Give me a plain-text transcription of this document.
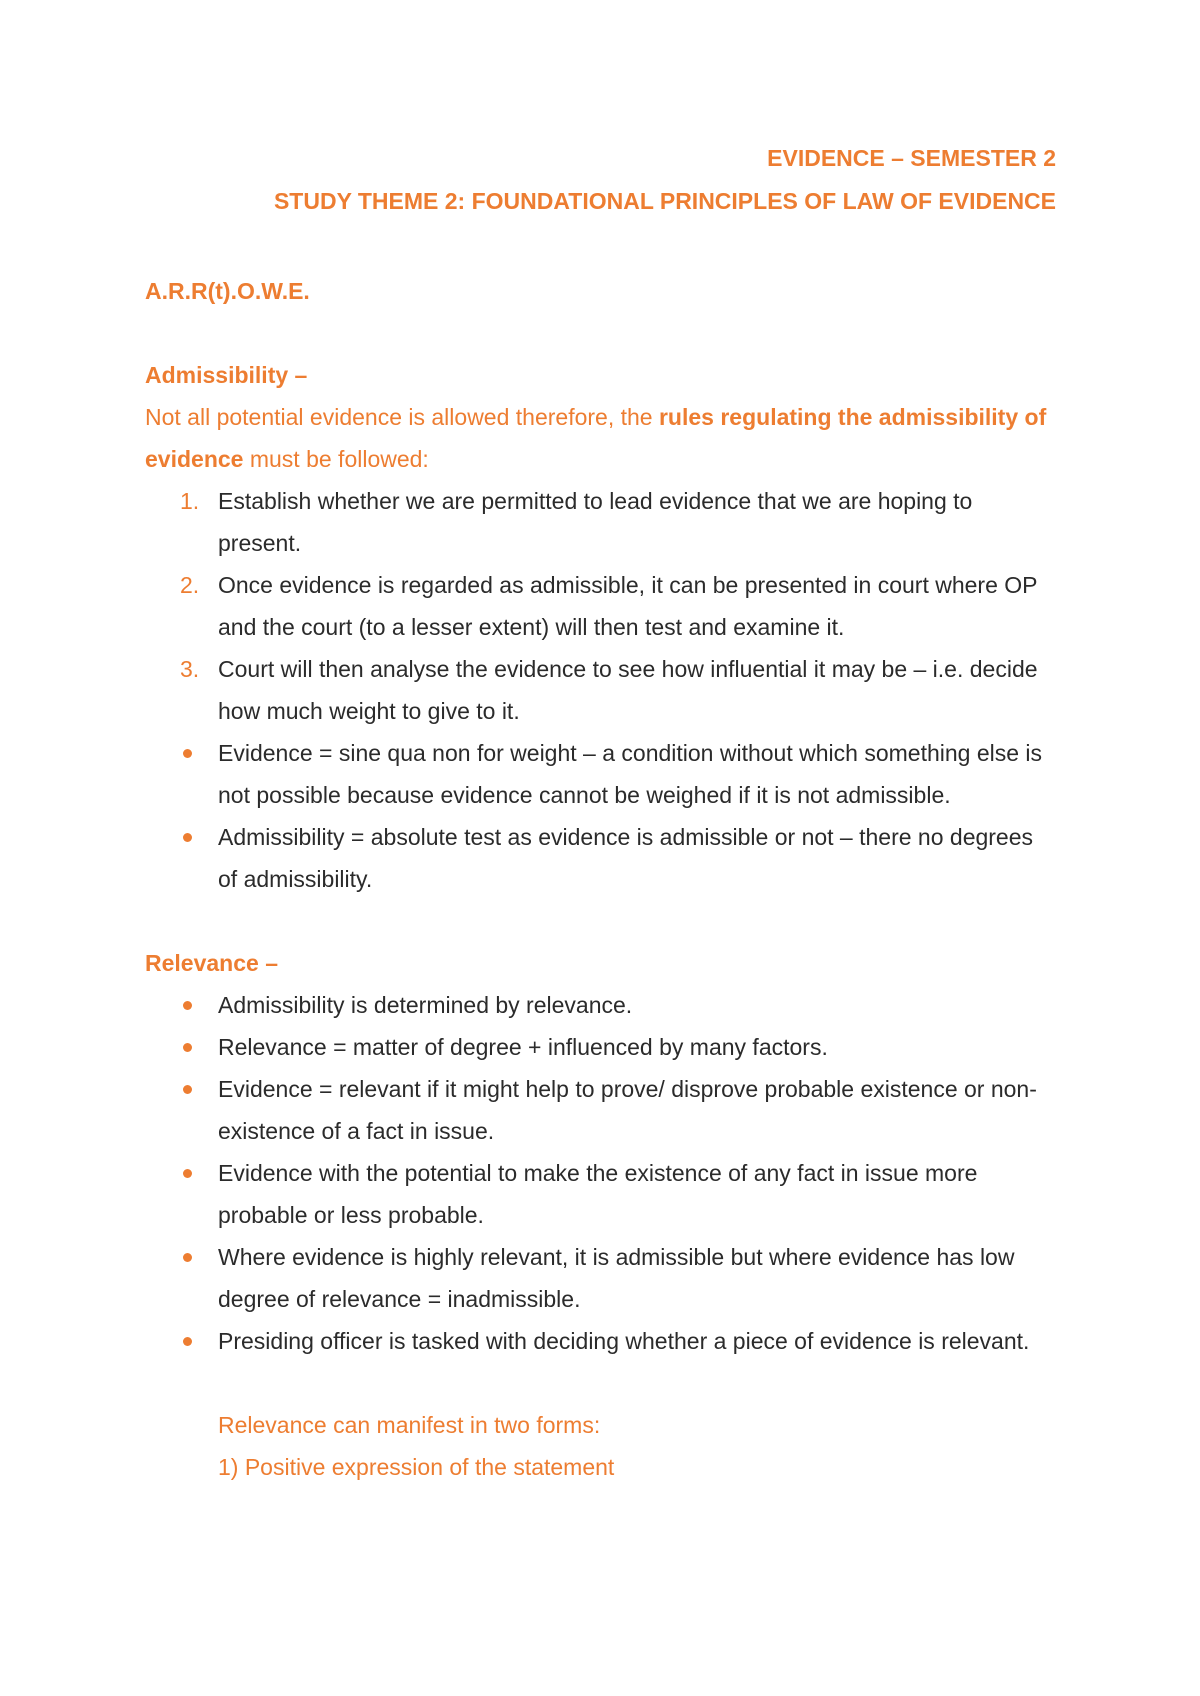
EVIDENCE – SEMESTER 2
STUDY THEME 2: FOUNDATIONAL PRINCIPLES OF LAW OF EVIDENCE

A.R.R(t).O.W.E.

Admissibility –

Not all potential evidence is allowed therefore, the rules regulating the admissibility of evidence must be followed:

1. Establish whether we are permitted to lead evidence that we are hoping to present.
2. Once evidence is regarded as admissible, it can be presented in court where OP and the court (to a lesser extent) will then test and examine it.
3. Court will then analyse the evidence to see how influential it may be – i.e. decide how much weight to give to it.
Evidence = sine qua non for weight – a condition without which something else is not possible because evidence cannot be weighed if it is not admissible.
Admissibility = absolute test as evidence is admissible or not – there no degrees of admissibility.

Relevance –

Admissibility is determined by relevance.
Relevance = matter of degree + influenced by many factors.
Evidence = relevant if it might help to prove/ disprove probable existence or non-existence of a fact in issue.
Evidence with the potential to make the existence of any fact in issue more probable or less probable.
Where evidence is highly relevant, it is admissible but where evidence has low degree of relevance = inadmissible.
Presiding officer is tasked with deciding whether a piece of evidence is relevant.

Relevance can manifest in two forms:

1) Positive expression of the statement
